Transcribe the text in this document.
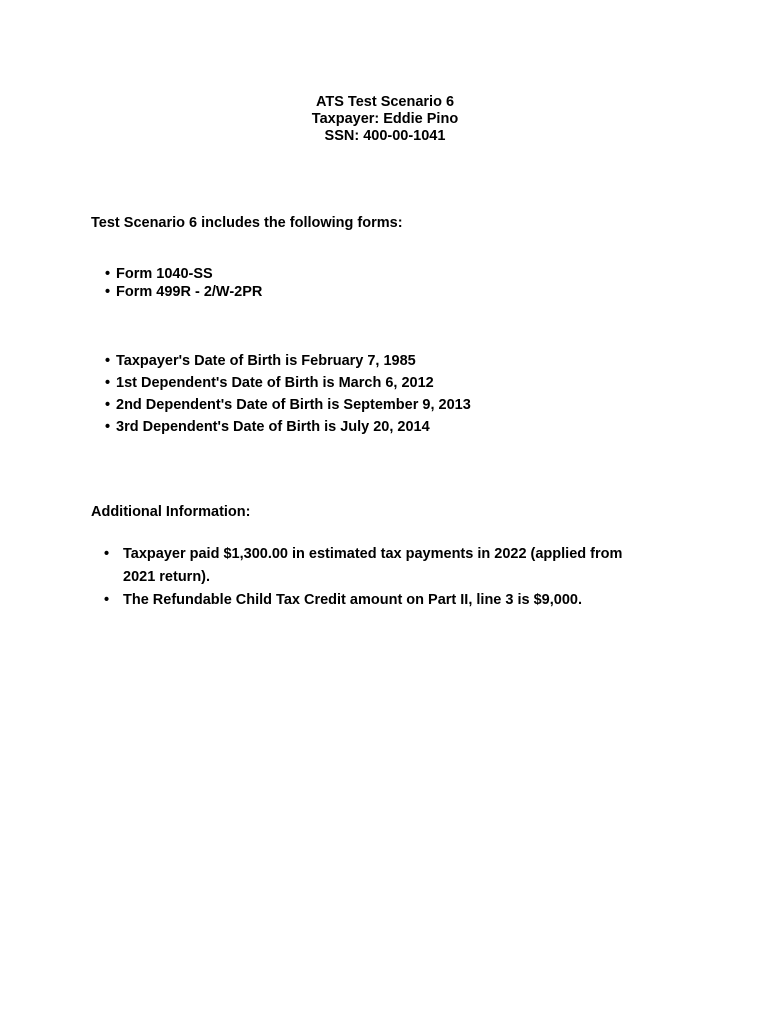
ATS Test Scenario 6
Taxpayer: Eddie Pino
SSN: 400-00-1041
Test Scenario 6 includes the following forms:
• Form 1040-SS
• Form 499R - 2/W-2PR
• Taxpayer's Date of Birth is February 7, 1985
• 1st Dependent's Date of Birth is March 6, 2012
• 2nd Dependent's Date of Birth is September 9, 2013
• 3rd Dependent's Date of Birth is July 20, 2014
Additional Information:
• Taxpayer paid $1,300.00 in estimated tax payments in 2022 (applied from 2021 return).
• The Refundable Child Tax Credit amount on Part II, line 3 is $9,000.
